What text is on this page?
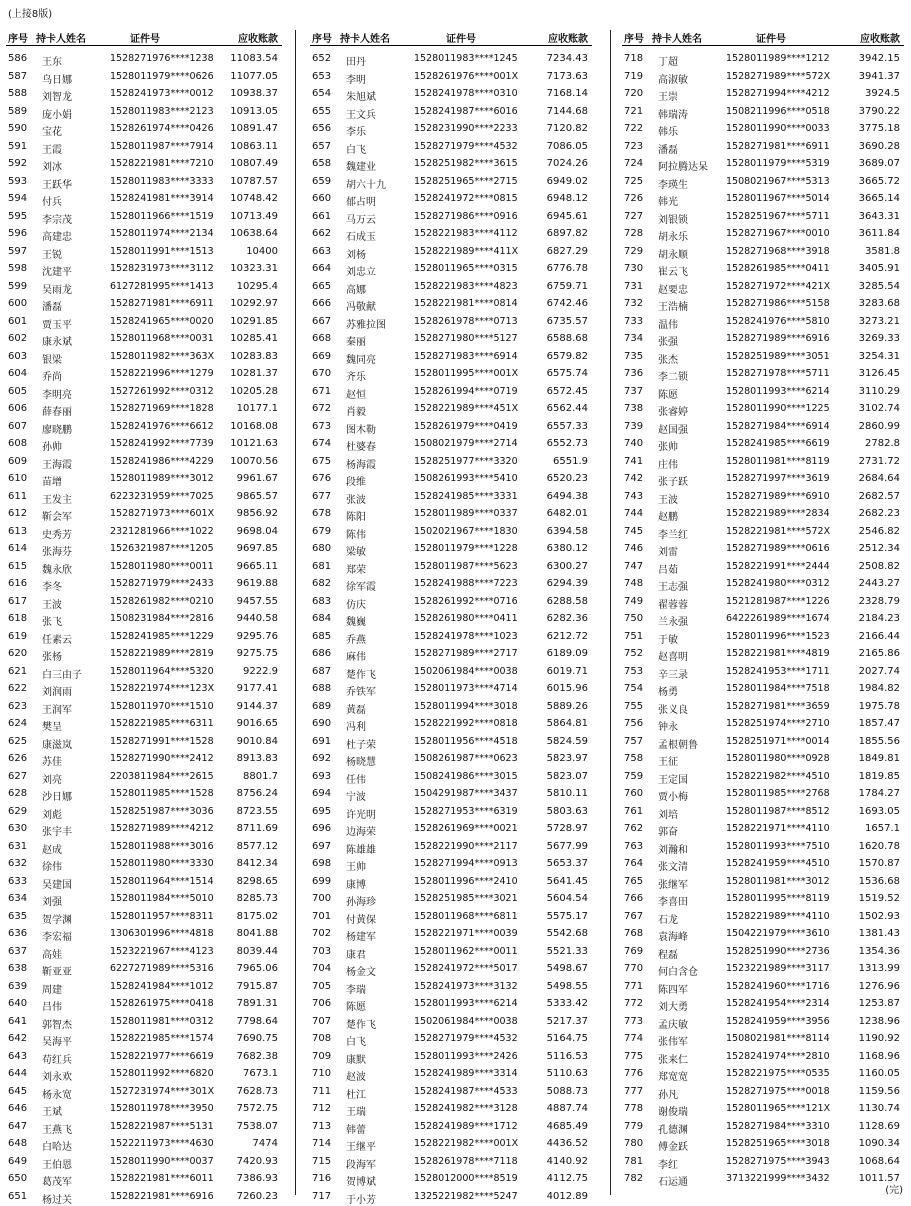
(上接8版)
序号 持卡人姓名	证件号	应收账款
586 王东	1528271976****1238 11083.54
587 乌日娜	1528011979****0626 11077.05
588 刘智龙	1528241973****0012 10938.37
589 庞小娟	1528011983****2123 10913.05
590 宝花	1528261974****0426 10891.47
591 王霞	1528011987****7914 10863.11
592 刘冰	1528221981****7210 10807.49
593 王跃华	1528011983****3333 10787.57
594 付兵	1528241981****3914 10748.42
595 李宗茂	1528011966****1519 10713.49
596 高建忠	1528011974****2134 10638.64
597 王锐	1528011991****1513	10400
598 沈建平	1528231973****3112 10323.31
599 吴雨龙	6127281995****1413 10295.4
600 潘磊	1528271981****6911 10292.97
601 贾玉平	1528241965****0020 10291.85
602 康永斌	1528011968****0031 10285.41
603 银梁	1528011982****363X 10283.83
604 乔尚	1528221996****1279 10281.37
605 李明亮	1527261992****0312 10205.28
606 薛春丽	1528271969****1828 10177.1
607 廖晓鹏	1528241976****6612 10168.08
608 孙帅	1528241992****7739 10121.63
609 王海霞	1528241986****4229 10070.56
610 苗增	1528011989****3012 9961.67
611 王发主	6223231959****7025 9865.57
612 靳会军	1528271973****601X 9856.92
613 史秀芳	2321281966****1022 9698.04
614 张海芬	1526321987****1205 9697.85
615 魏永欣	1528011980****0011 9665.11
616 李冬	1528271979****2433 9619.88
617 王波	1528261982****0210 9457.55
618 张飞	1508231984****2816 9440.58
619 任素云	1528241985****1229 9295.76
620 张杨	1528221989****2819 9275.75
621 白三由子	1528011964****5320	9222.9
622 刘润雨	1528221974****123X 9177.41
623 王润军	1528011970****1510 9144.37
624 樊呈	1528221985****6311 9016.65
625 康滋岚	1528271991****1528 9010.84
626 苏佳	1528271990****2412 8913.83
627 刘亮	2203811984****2615	8801.7
628 沙日娜	1528011985****1528 8756.24
629 刘彪	1528251987****3036 8723.55
630 张宇丰	1528271989****4212 8711.69
631 赵成	1528011988****3016 8577.12
632 徐伟	1528011980****3330 8412.34
633 吴建国	1528011964****1514 8298.65
634 刘强	1528011984****5010 8285.73
635 贺学渊	1528011957****8311 8175.02
636 李宏福	1306301996****4818 8041.88
637 高娃	1523221967****4123 8039.44
638 靳亚亚	6227271989****5316 7965.06
639 周建	1528241984****1012 7915.87
640 吕伟	1528261975****0418 7891.31
641 郭智杰	1528011981****0312 7798.64
642 吴海平	1528221985****1574 7690.75
643 苟红兵	1528221977****6619 7682.38
644 刘永欢	1528011992****6820	7673.1
645 杨永宽	1527231974****301X 7628.73
646 王斌	1528011978****3950 7572.75
647 王燕飞	1528221987****5131 7538.07
648 白哈达	1522211973****4630	7474
649 王伯恩	1528011990****0037 7420.93
650 葛茂军	1528221981****6011 7386.93
651 杨过关	1528221981****6916 7260.23
序号 持卡人姓名	证件号	应收账款
652 田丹	1528011983****1245	7234.43
653 李明	1528261976****001X	7173.63
654 朱旭斌	1528241978****0310	7168.14
655 王文兵	1528241987****6016	7144.68
656 李乐	1528231990****2233	7120.82
657 白飞	1528271979****4532	7086.05
658 魏建业	1528251982****3615	7024.26
659 胡六十九	1528251965****2715	6949.02
660 郁占明	1528241972****0815	6948.12
661 马万云	1528271986****0916	6945.61
662 石成玉	1528221983****4112	6897.82
663 刘杨	1528221989****411X	6827.29
664 刘忠立	1528011965****0315	6776.78
665 高娜	1528221983****4823	6759.71
666 冯敬献	1528221981****0814	6742.46
667 苏雅拉图	1528261978****0713	6735.57
668 秦丽	1528271980****5127	6588.68
669 魏同亮	1528271983****6914	6579.82
670 齐乐	1528011995****001X	6575.74
671 赵恒	1528261994****0719	6572.45
672 肖毅	1528221989****451X	6562.44
673 图木勒	1528261979****0419	6557.33
674 杜婆春	1508021979****2714	6552.73
675 杨海霞	1528251977****3320	6551.9
676 段维	1508261993****5410	6520.23
677 张波	1528241985****3331	6494.38
678 陈阳	1528011989****0337	6482.01
679 陈伟	1502021967****1830	6394.58
680 梁敏	1528011979****1228	6380.12
681 郑荣	1528011987****5623	6300.27
682 徐军霞	1528241988****7223	6294.39
683 仿庆	1528261992****0716	6288.58
684 魏巍	1528261980****0411	6282.36
685 乔燕	1528241978****1023	6212.72
686 麻伟	1528271989****2717	6189.09
687 楚作飞	1502061984****0038	6019.71
688 乔铁军	1528011973****4714	6015.96
689 黄磊	1528011994****3018	5889.26
690 冯利	1528221992****0818	5864.81
691 杜子荣	1528011956****4518	5824.59
692 杨晓慧	1508261987****0623	5823.97
693 任伟	1508241986****3015	5823.07
694 宁波	1504291987****3437	5810.11
695 许光明	1528271953****6319	5803.63
696 边海荣	1528261969****0021	5728.97
697 陈雄雄	1528221990****2117	5677.99
698 王帅	1528271994****0913	5653.37
699 康博	1528011996****2410	5641.45
700 孙海珍	1528251985****3021	5604.54
701 付黄保	1528011968****6811	5575.17
702 杨建军	1528221971****0039	5542.68
703 康君	1528011962****0011	5521.33
704 杨金文	1528241972****5017	5498.67
705 李瑞	1528241973****3132	5498.55
706 陈愿	1528011993****6214	5333.42
707 楚作飞	1502061984****0038	5217.37
708 白飞	1528271979****4532	5164.75
709 康默	1528011993****2426	5116.53
710 赵波	1528241989****3314	5110.63
711 杜江	1528241987****4533	5088.73
712 王瑞	1528241982****3128	4887.74
713 韩蕾	1528241989****1712	4685.49
714 王继平	1528221982****001X	4436.52
715 段海军	1528261978****7118	4140.92
716 贺博斌	1528012000****8519	4112.75
717 于小芳	1325221982****5247	4012.89
序号 持卡人姓名	证件号	应收账款
718 丁超	1528011989****1212	3942.15
719 高淑敏	1528271989****572X	3941.37
720 王崇	1528271994****4212	3924.5
721 韩瑞涛	1508211996****0518	3790.22
722 韩乐	1528011990****0033	3775.18
723 潘磊	1528271981****6911	3690.28
724 阿拉腾达呆 1528011979****5319	3689.07
725 李瑛生	1508021967****5313	3665.72
726 韩光	1528011967****5014	3665.14
727 刘银锁	1528251967****5711	3643.31
728 胡永乐	1528271967****0010	3611.84
729 胡永顺	1528271968****3918	3581.8
730 崔云飞	1528261985****0411	3405.91
731 赵要忠	1528271972****421X	3285.54
732 王浩楠	1528271986****5158	3283.68
733 温伟	1528241976****5810	3273.21
734 张强	1528271989****6916	3269.33
735 张杰	1528251989****3051	3254.31
736 李二锁	1528271978****5711	3126.45
737 陈愿	1528011993****6214	3110.29
738 张睿婷	1528011990****1225	3102.74
739 赵国强	1528271984****6914	2860.99
740 张帅	1528241985****6619	2782.8
741 庄伟	1528011981****8119	2731.72
742 张子跃	1528271997****3619	2684.64
743 王波	1528271989****6910	2682.57
744 赵鹏	1528221989****2834	2682.23
745 李兰红	1528221981****572X	2546.82
746 刘雷	1528271989****0616	2512.34
747 吕茹	1528221991****2444	2508.82
748 王志强	1528241980****0312	2443.27
749 翟蓉蓉	1521281987****1226	2328.79
750 兰永强	6422261989****1674	2184.23
751 于敏	1528011996****1523	2166.44
752 赵喜明	1528221981****4819	2165.86
753 辛三录	1528241953****1711	2027.74
754 杨勇	1528011984****7518	1984.82
755 张义良	1528271981****3659	1975.78
756 钟永	1528251974****2710	1857.47
757 孟根朝鲁	1528251971****0014	1855.56
758 王征	1528011980****0928	1849.81
759 王定国	1528221982****4510	1819.85
760 贾小梅	1528011985****2768	1784.27
761 刘培	1528011987****8512	1693.05
762 郭奋	1528221971****4110	1657.1
763 刘瀚和	1528011993****7510	1620.78
764 张文清	1528241959****4510	1570.87
765 张继军	1528011981****3012	1536.68
766 李喜田	1528011995****8119	1519.52
767 石龙	1528221989****4110	1502.93
768 袁海峰	1504221979****3610	1381.43
769 程磊	1528251990****2736	1354.36
770 何白含仓	1523221989****3117	1313.99
771 陈四军	1528241960****1716	1276.96
772 刘大勇	1528241954****2314	1253.87
773 孟庆敏	1528241959****3956	1238.96
774 张伟军	1508021981****8114	1190.92
775 张来仁	1528241974****2810	1168.96
776 郑宽宽	1528221975****0535	1160.05
777 孙凡	1528271975****0018	1159.56
778 谢俊瑞	1528011965****121X	1130.74
779 孔德渊	1528271984****3310	1128.69
780 傅金跃	1528251965****3018	1090.34
781 李红	1528271975****3943	1068.64
782 石运通	3713221999****3432	1011.57
(完)
